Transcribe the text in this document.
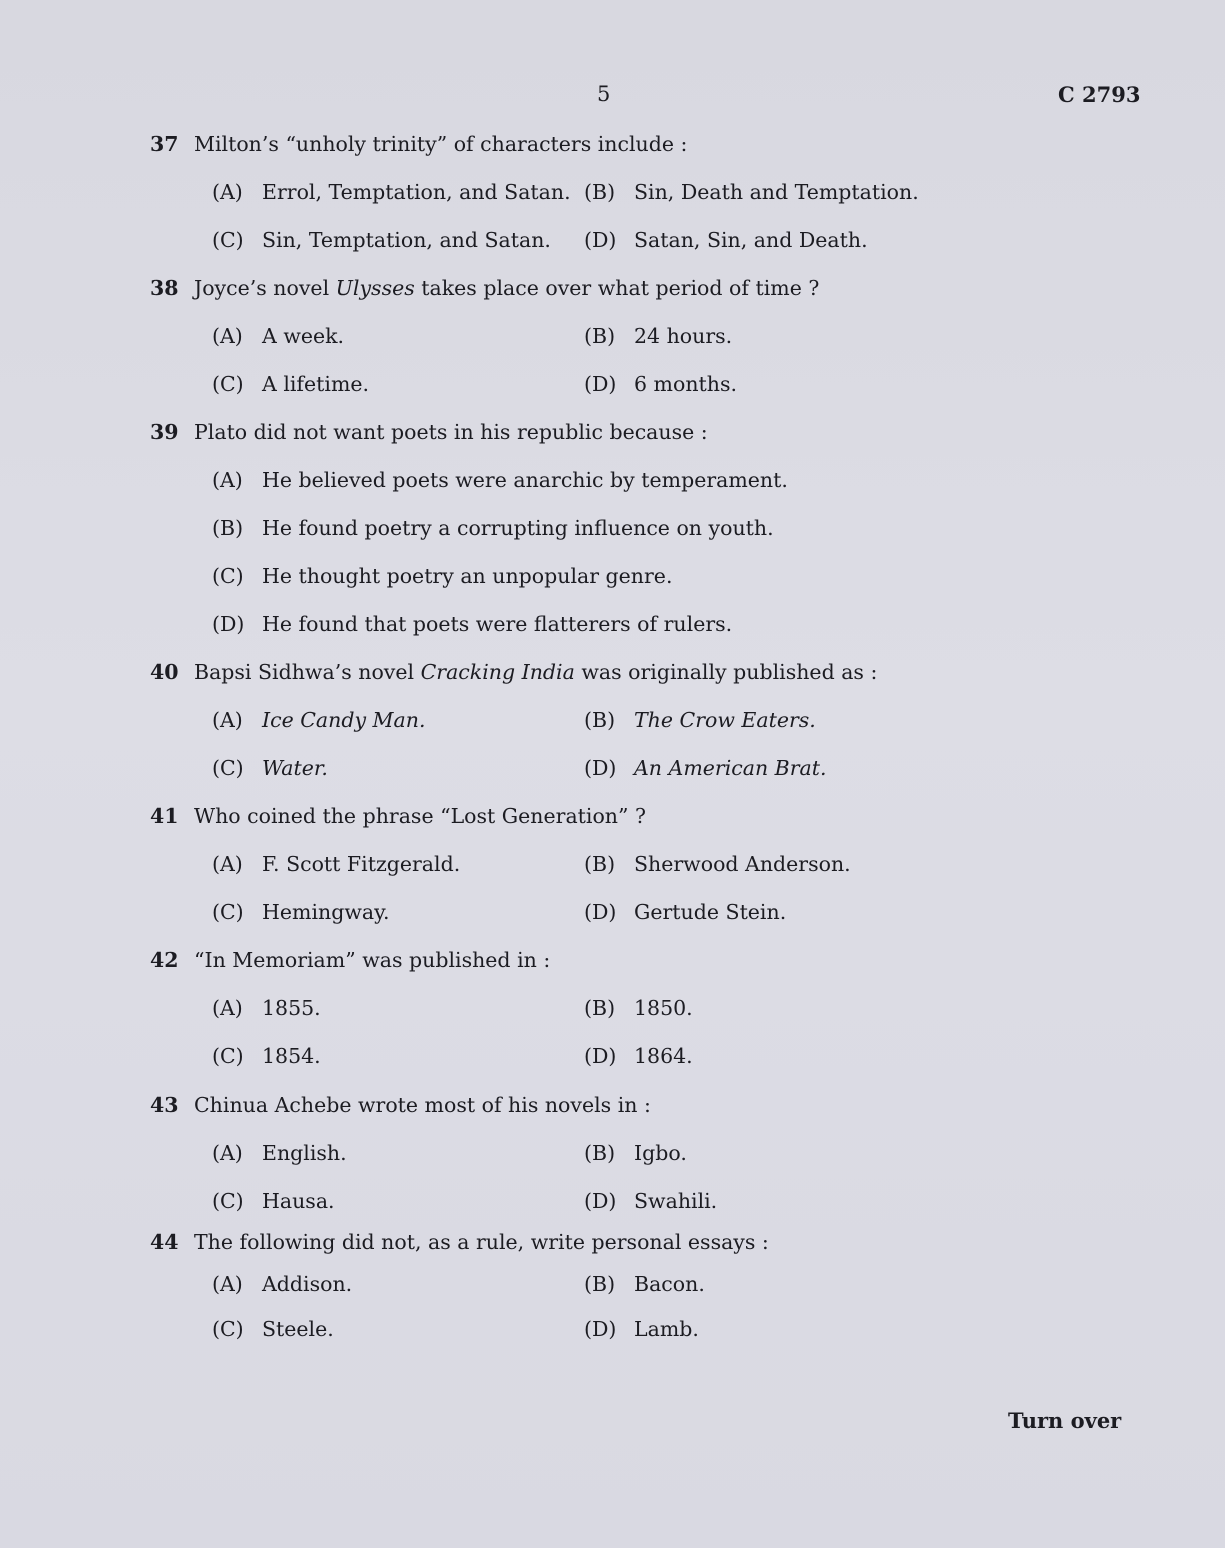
5	C 2793
37 Milton’s “unholy trinity” of characters include :
(A) Errol, Temptation, and Satan. (B) Sin, Death and Temptation.
(C) Sin, Temptation, and Satan. (D) Satan, Sin, and Death.
38 Joyce’s novel Ulysses takes place over what period of time ?
(A) A week.	(B) 24 hours.
(C) A lifetime.	(D) 6 months.
39 Plato did not want poets in his republic because :
(A) He believed poets were anarchic by temperament.
(B) He found poetry a corrupting influence on youth.
(C) He thought poetry an unpopular genre.
(D) He found that poets were flatterers of rulers.
40 Bapsi Sidhwa’s novel Cracking India was originally published as :
(A) Ice Candy Man.	(B) The Crow Eaters.
(C) Water.	(D) An American Brat.
41 Who coined the phrase “Lost Generation” ?
(A) F. Scott Fitzgerald.	(B) Sherwood Anderson.
(C) Hemingway.	(D) Gertude Stein.
42 “In Memoriam” was published in :
(A) 1855.	(B) 1850.
(C) 1854.	(D) 1864.
43 Chinua Achebe wrote most of his novels in :
(A) English.	(B) Igbo.
(C) Hausa.	(D) Swahili.
44 The following did not, as a rule, write personal essays :
(A) Addison.	(B) Bacon.
(C) Steele.	(D) Lamb.
Turn over
